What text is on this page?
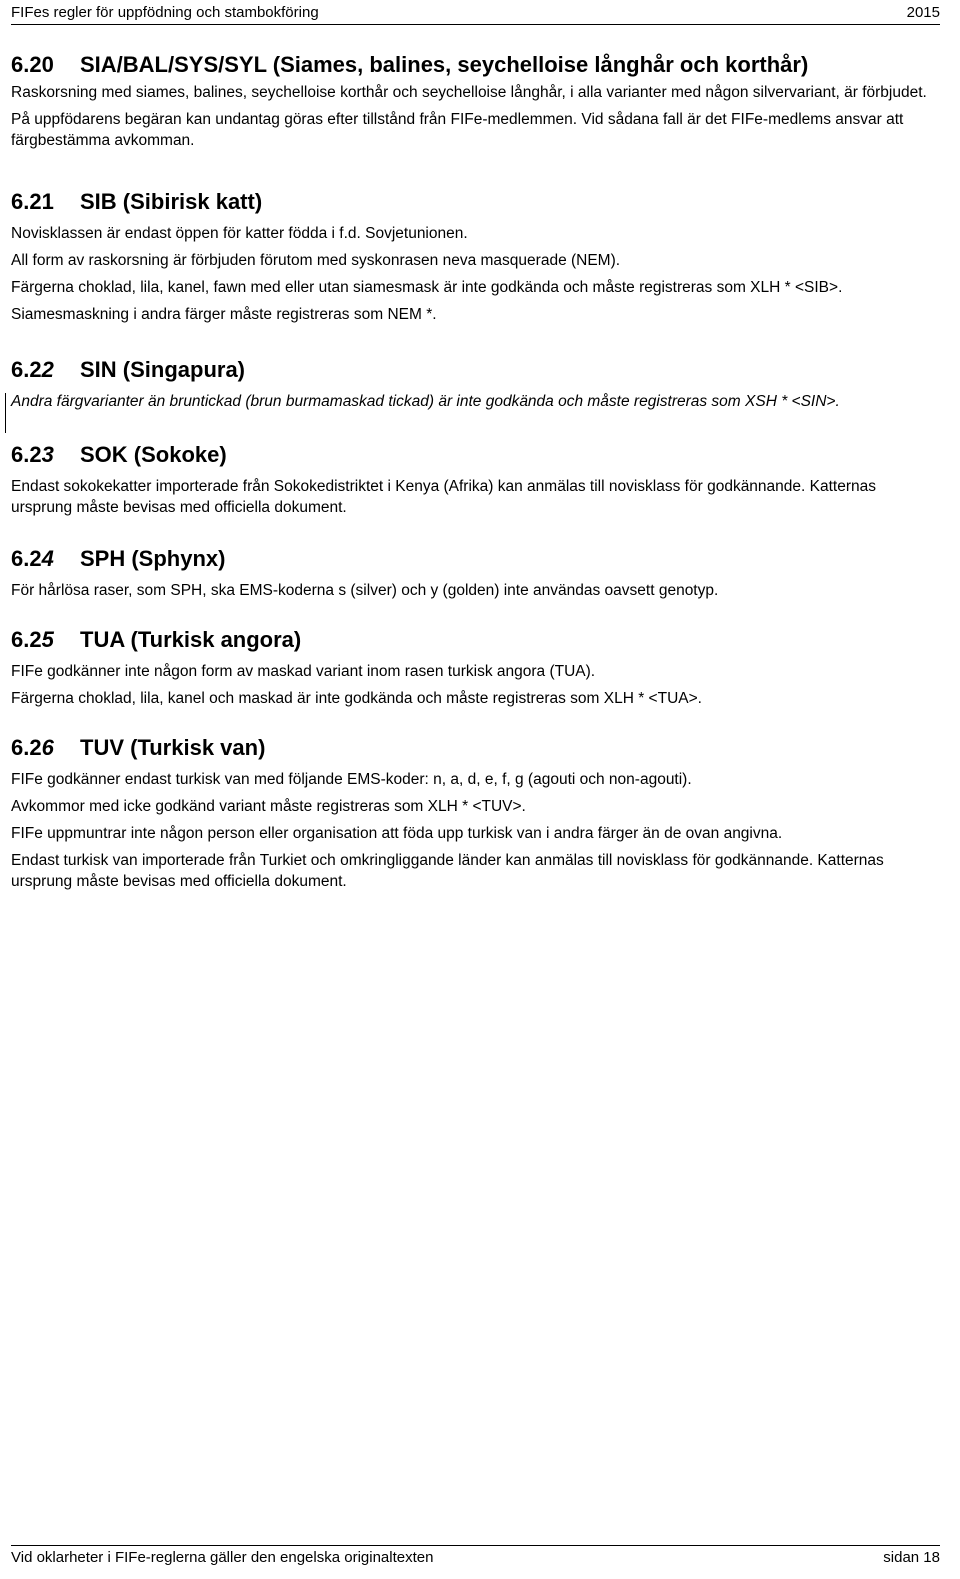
FIFes regler för uppfödning och stambokföring	2015
6.20	SIA/BAL/SYS/SYL (Siames, balines, seychelloise långhår och korthår)

Raskorsning med siames, balines, seychelloise korthår och seychelloise långhår, i alla varianter med någon silvervariant, är förbjudet.

På uppfödarens begäran kan undantag göras efter tillstånd från FIFe-medlemmen. Vid sådana fall är det FIFe-medlems ansvar att färgbestämma avkomman.

6.21	SIB (Sibirisk katt)

Novisklassen är endast öppen för katter födda i f.d. Sovjetunionen.

All form av raskorsning är förbjuden förutom med syskonrasen neva masquerade (NEM).

Färgerna choklad, lila, kanel, fawn med eller utan siamesmask är inte godkända och måste registreras som XLH * <SIB>.

Siamesmaskning i andra färger måste registreras som NEM *.

6.22	SIN (Singapura)

Andra färgvarianter än bruntickad (brun burmamaskad tickad) är inte godkända och måste registreras som XSH * <SIN>.

6.23	SOK (Sokoke)

Endast sokokekatter importerade från Sokokedistriktet i Kenya (Afrika) kan anmälas till novisklass för godkännande. Katternas ursprung måste bevisas med officiella dokument.

6.24	SPH (Sphynx)

För hårlösa raser, som SPH, ska EMS-koderna s (silver) och y (golden) inte användas oavsett genotyp.

6.25	TUA (Turkisk angora)

FIFe godkänner inte någon form av maskad variant inom rasen turkisk angora (TUA).

Färgerna choklad, lila, kanel och maskad är inte godkända och måste registreras som XLH * <TUA>.

6.26	TUV (Turkisk van)

FIFe godkänner endast turkisk van med följande EMS-koder: n, a, d, e, f, g (agouti och non-agouti).

Avkommor med icke godkänd variant måste registreras som XLH * <TUV>.

FIFe uppmuntrar inte någon person eller organisation att föda upp turkisk van i andra färger än de ovan angivna.

Endast turkisk van importerade från Turkiet och omkringliggande länder kan anmälas till novisklass för godkännande. Katternas ursprung måste bevisas med officiella dokument.

Vid oklarheter i FIFe-reglerna gäller den engelska originaltexten	sidan 18
